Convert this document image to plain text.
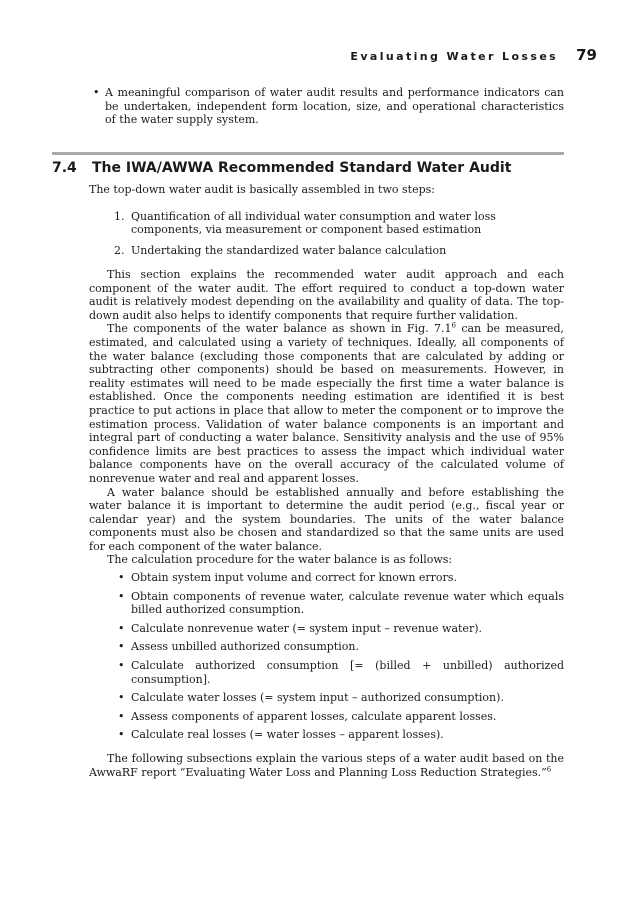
Evaluating Water Losses 79
• A meaningful comparison of water audit results and performance indicators can be undertaken, independent form location, size, and operational characteristics of the water supply system.
7.4 The IWA/AWWA Recommended Standard Water Audit
The top-down water audit is basically assembled in two steps:
1. Quantification of all individual water consumption and water loss components, via measurement or component based estimation
2. Undertaking the standardized water balance calculation

This section explains the recommended water audit approach and each component of the water audit. The effort required to conduct a top-down water audit is relatively modest depending on the availability and quality of data. The top-down audit also helps to identify components that require further validation.

The components of the water balance as shown in Fig. $7.1^6$ can be measured, estimated, and calculated using a variety of techniques. Ideally, all components of the water balance (excluding those components that are calculated by adding or subtracting other components) should be based on measurements. However, in reality estimates will need to be made especially the first time a water balance is established. Once the components needing estimation are identified it is best practice to put actions in place that allow to meter the component or to improve the estimation process. Validation of water balance components is an important and integral part of conducting a water balance. Sensitivity analysis and the use of 95% confidence limits are best practices to assess the impact which individual water balance components have on the overall accuracy of the calculated volume of nonrevenue water and real and apparent losses.

A water balance should be established annually and before establishing the water balance it is important to determine the audit period (e.g., fiscal year or calendar year) and the system boundaries. The units of the water balance components must also be chosen and standardized so that the same units are used for each component of the water balance.

The calculation procedure for the water balance is as follows:

• Obtain system input volume and correct for known errors.
• Obtain components of revenue water, calculate revenue water which equals billed authorized consumption.
• Calculate nonrevenue water (= system input – revenue water).
• Assess unbilled authorized consumption.
• Calculate authorized consumption [= (billed + unbilled) authorized consumption].
• Calculate water losses (= system input – authorized consumption).
• Assess components of apparent losses, calculate apparent losses.
• Calculate real losses (= water losses – apparent losses).

The following subsections explain the various steps of a water audit based on the AwwaRF report “Evaluating Water Loss and Planning Loss Reduction Strategies.”$^6$
